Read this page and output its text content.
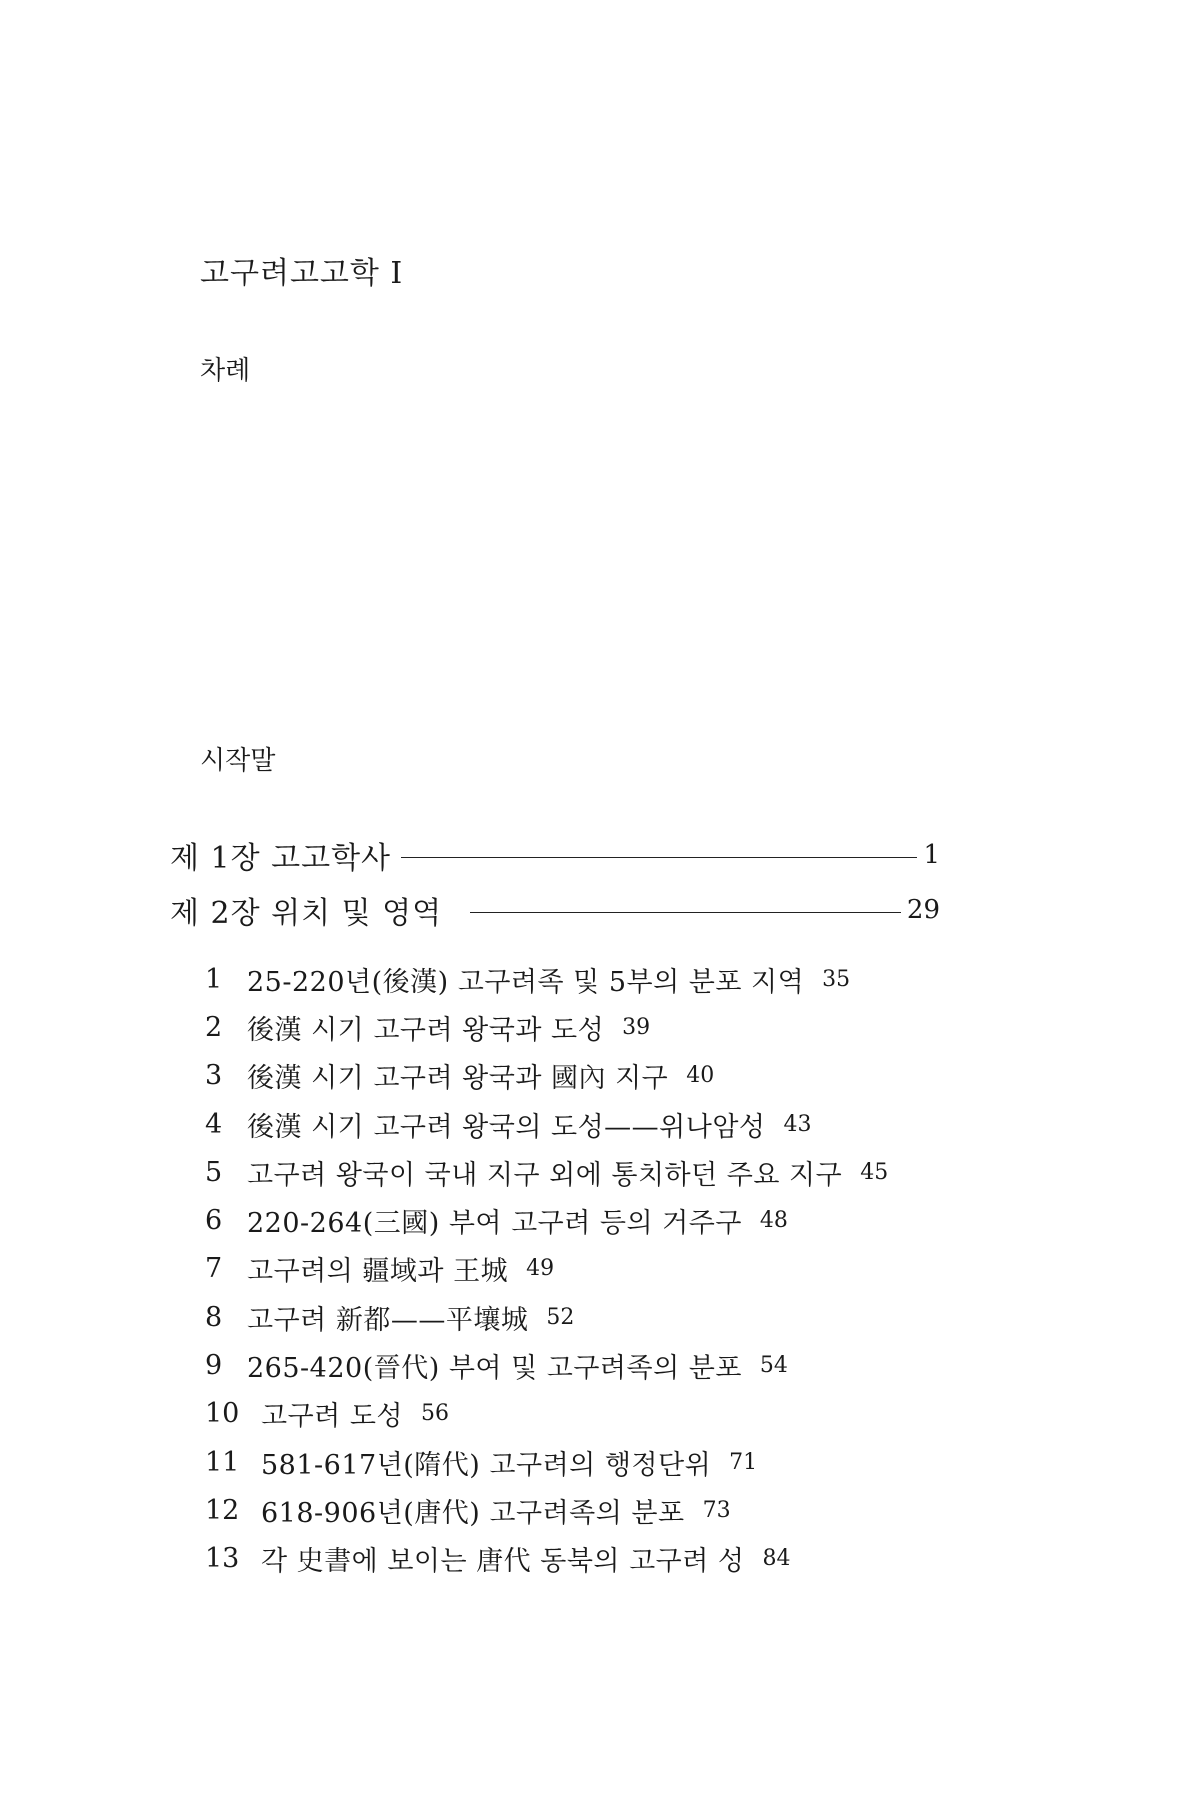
고구려고고학 I
차례
시작말
제 1장 고고학사	1
제 2장 위치 및 영역	29
1 25-220년(後漢) 고구려족 및 5부의 분포 지역 35
2 後漢 시기 고구려 왕국과 도성 39
3 後漢 시기 고구려 왕국과 國內 지구 40
4 後漢 시기 고구려 왕국의 도성——위나암성 43
5 고구려 왕국이 국내 지구 외에 통치하던 주요 지구 45
6 220-264(三國) 부여 고구려 등의 거주구 48
7 고구려의 疆域과 王城 49
8 고구려 新都——平壤城 52
9 265-420(晉代) 부여 및 고구려족의 분포 54
10 고구려 도성 56
11 581-617년(隋代) 고구려의 행정단위 71
12 618-906년(唐代) 고구려족의 분포 73
13 각 史書에 보이는 唐代 동북의 고구려 성 84
